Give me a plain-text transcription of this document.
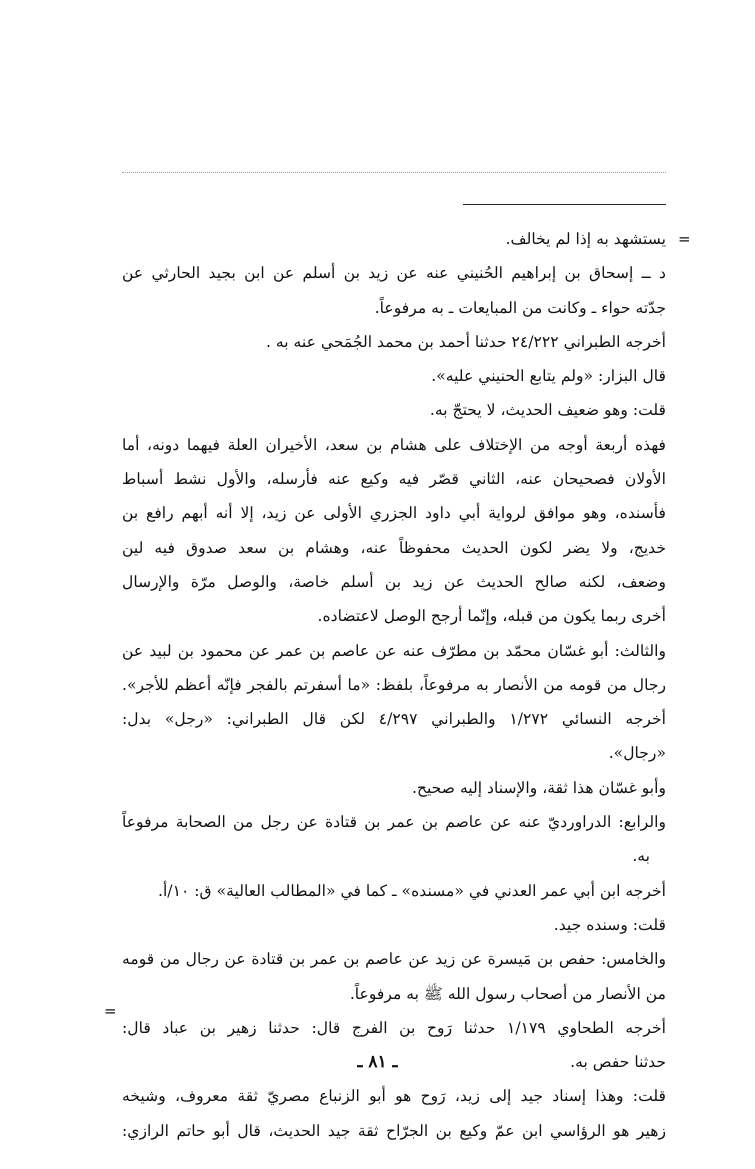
=
يستشهد به إذا لم يخالف.
د ــ إسحاق بن إبراهيم الحُنيني عنه عن زيد بن أسلم عن ابن بجيد الحارثي عن
جدّته حواء ـ وكانت من المبايعات ـ به مرفوعاً.
أخرجه الطبراني ٢٤/٢٢٢ حدثنا أحمد بن محمد الجُمَحي عنه به .
قال البزار: «ولم يتابع الحنيني عليه».
قلت: وهو ضعيف الحديث، لا يحتجّ به.
فهذه أربعة أوجه من الإختلاف على هشام بن سعد، الأخيران العلة فيهما دونه، أما
الأولان فصحيحان عنه، الثاني قصّر فيه وكيع عنه فأرسله، والأول نشط أسباط
فأسنده، وهو موافق لرواية أبي داود الجزري الأولى عن زيد، إلا أنه أبهم رافع بن
خديج، ولا يضر لكون الحديث محفوظاً عنه، وهشام بن سعد صدوق فيه لين
وضعف، لكنه صالح الحديث عن زيد بن أسلم خاصة، والوصل مرّة والإرسال
أخرى ربما يكون من قبله، وإنّما أرجح الوصل لاعتضاده.
والثالث: أبو غسّان محمّد بن مطرّف عنه عن عاصم بن عمر عن محمود بن لبيد عن
رجال من قومه من الأنصار به مرفوعاً، بلفظ: «ما أسفرتم بالفجر فإنّه أعظم للأجر».
أخرجه النسائي ١/٢٧٢ والطبراني ٤/٢٩٧ لكن قال الطبراني: «رجل» بدل:
«رجال».
وأبو غسّان هذا ثقة، والإسناد إليه صحيح.
والرابع: الدراورديّ عنه عن عاصم بن عمر بن قتادة عن رجل من الصحابة مرفوعاً
به.
أخرجه ابن أبي عمر العدني في «مسنده» ـ كما في «المطالب العالية» ق: ١٠/أ.
قلت: وسنده جيد.
والخامس: حفص بن مَيسرة عن زيد عن عاصم بن عمر بن قتادة عن رجال من قومه
من الأنصار من أصحاب رسول الله ﷺ به مرفوعاً.
أخرجه الطحاوي ١/١٧٩ حدثنا رَوح بن الفرج قال: حدثنا زهير بن عباد قال:
حدثنا حفص به.
قلت: وهذا إسناد جيد إلى زيد، رَوح هو أبو الزنباع مصريّ ثقة معروف، وشيخه
زهير هو الرؤاسي ابن عمّ وكيع بن الجرّاح ثقة جيد الحديث، قال أبو حاتم الرازي:
=
ـ ٨١ ـ
